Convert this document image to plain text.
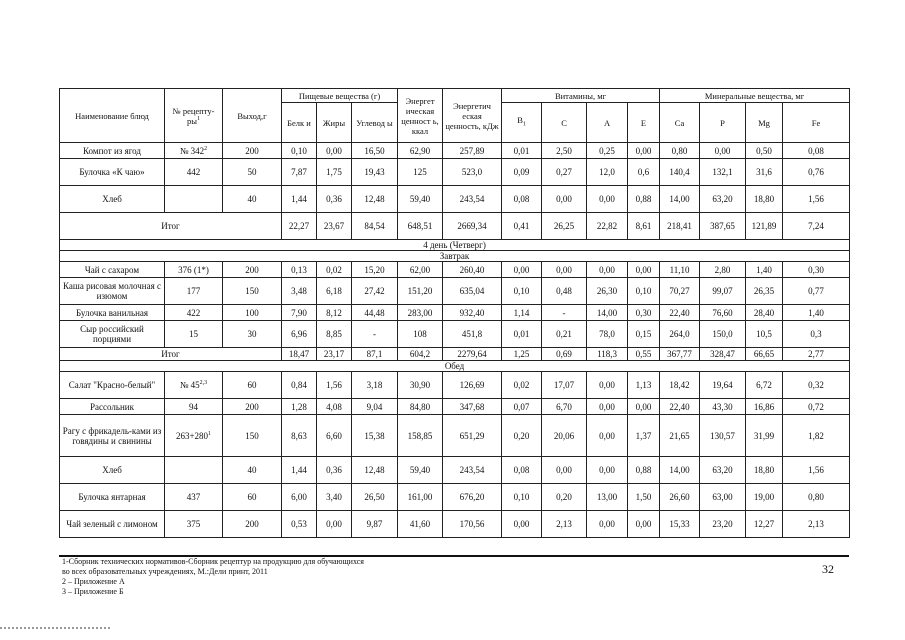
Наименование блюд	№ рецепту-$ры^1$	Выход,г	Пищевые вещества (г)			Энергет ическая ценност ь, ккал	Энергетич еская ценность, кДж	Витамины, мг				Минеральные вещества, мг			
			Белк и	Жиры	Углевод ы			$B_1$	C	A	E	Ca	P	Mg	Fe
Компот из ягод	№ $342^2$	200	0,10	0,00	16,50	62,90	257,89	0,01	2,50	0,25	0,00	0,80	0,00	0,50	0,08
Булочка «К чаю»	442	50	7,87	1,75	19,43	125	523,0	0,09	0,27	12,0	0,6	140,4	132,1	31,6	0,76
Хлеб		40	1,44	0,36	12,48	59,40	243,54	0,08	0,00	0,00	0,88	14,00	63,20	18,80	1,56
Итог			22,27	23,67	84,54	648,51	2669,34	0,41	26,25	22,82	8,61	218,41	387,65	121,89	7,24
4 день (Четверг)															
Завтрак															
Чай с сахаром	376 (1*)	200	0,13	0,02	15,20	62,00	260,40	0,00	0,00	0,00	0,00	11,10	2,80	1,40	0,30
Каша рисовая молочная с изюмом	177	150	3,48	6,18	27,42	151,20	635,04	0,10	0,48	26,30	0,10	70,27	99,07	26,35	0,77
Булочка ванильная	422	100	7,90	8,12	44,48	283,00	932,40	1,14	-	14,00	0,30	22,40	76,60	28,40	1,40
Сыр российский порциями	15	30	6,96	8,85	-	108	451,8	0,01	0,21	78,0	0,15	264,0	150,0	10,5	0,3
Итог			18,47	23,17	87,1	604,2	2279,64	1,25	0,69	118,3	0,55	367,77	328,47	66,65	2,77
Обед															
Салат "Красно-белый"	№ 45$^{2,3}$	60	0,84	1,56	3,18	30,90	126,69	0,02	17,07	0,00	1,13	18,42	19,64	6,72	0,32
Рассольник	94	200	1,28	4,08	9,04	84,80	347,68	0,07	6,70	0,00	0,00	22,40	43,30	16,86	0,72
Рагу с фрикадель-ками из говядины и свинины	$263+280^1$	150	8,63	6,60	15,38	158,85	651,29	0,20	20,06	0,00	1,37	21,65	130,57	31,99	1,82
Хлеб		40	1,44	0,36	12,48	59,40	243,54	0,08	0,00	0,00	0,88	14,00	63,20	18,80	1,56
Булочка янтарная	437	60	6,00	3,40	26,50	161,00	676,20	0,10	0,20	13,00	1,50	26,60	63,00	19,00	0,80
Чай зеленый с лимоном	375	200	0,53	0,00	9,87	41,60	170,56	0,00	2,13	0,00	0,00	15,33	23,20	12,27	2,13
1-Сборник технических нормативов-Сборник рецептур на продукцию для обучающихся
во всех образовательных учреждениях, М.:Дели принт, 2011
2 – Приложение А
3 – Приложение Б
32
